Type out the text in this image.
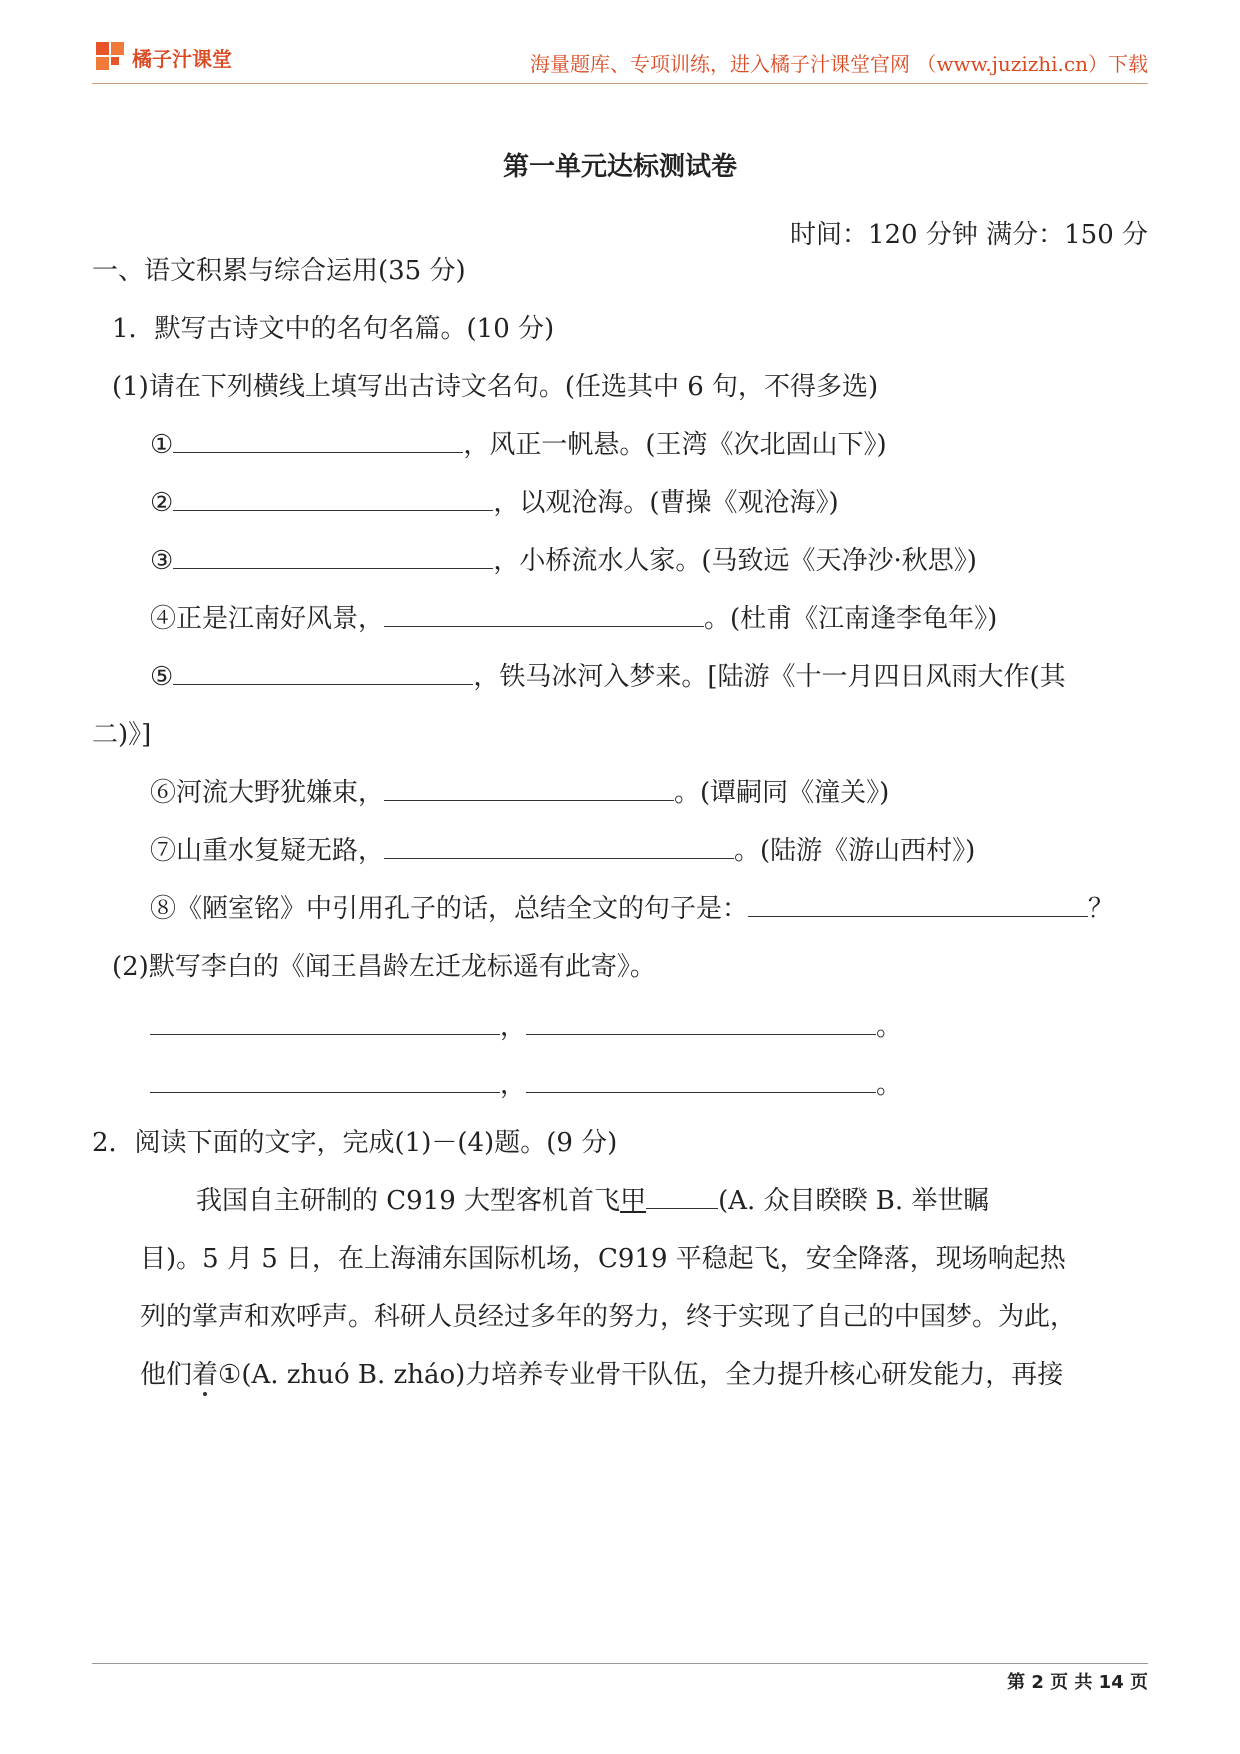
橘子汁课堂	海量题库、专项训练，进入橘子汁课堂官网 （www.juzizhi.cn）下载
第一单元达标测试卷
时间：120 分钟 满分：150 分
一、语文积累与综合运用(35 分)
1．默写古诗文中的名句名篇。(10 分)
(1)请在下列横线上填写出古诗文名句。(任选其中 6 句，不得多选)
①	，风正一帆悬。(王湾《次北固山下》)
②	，以观沧海。(曹操《观沧海》)
③	，小桥流水人家。(马致远《天净沙·秋思》)
④正是江南好风景，	。(杜甫《江南逢李龟年》)
⑤	，铁马冰河入梦来。[陆游《十一月四日风雨大作(其
二)》]
⑥河流大野犹嫌束，	。(谭嗣同《潼关》)
⑦山重水复疑无路，	。(陆游《游山西村》)
⑧《陋室铭》中引用孔子的话，总结全文的句子是：	？
(2)默写李白的《闻王昌龄左迁龙标遥有此寄》。
，	。
，	。
2．阅读下面的文字，完成(1)－(4)题。(9 分)
我国自主研制的 C919 大型客机首飞甲	(A. 众目睽睽 B. 举世瞩
目)。5 月 5 日，在上海浦东国际机场，C919 平稳起飞，安全降落，现场响起热
列的掌声和欢呼声。科研人员经过多年的努力，终于实现了自己的中国梦。为此，
他们着①(A. zhuó B. zháo)力培养专业骨干队伍，全力提升核心研发能力，再接
第 2 页 共 14 页
